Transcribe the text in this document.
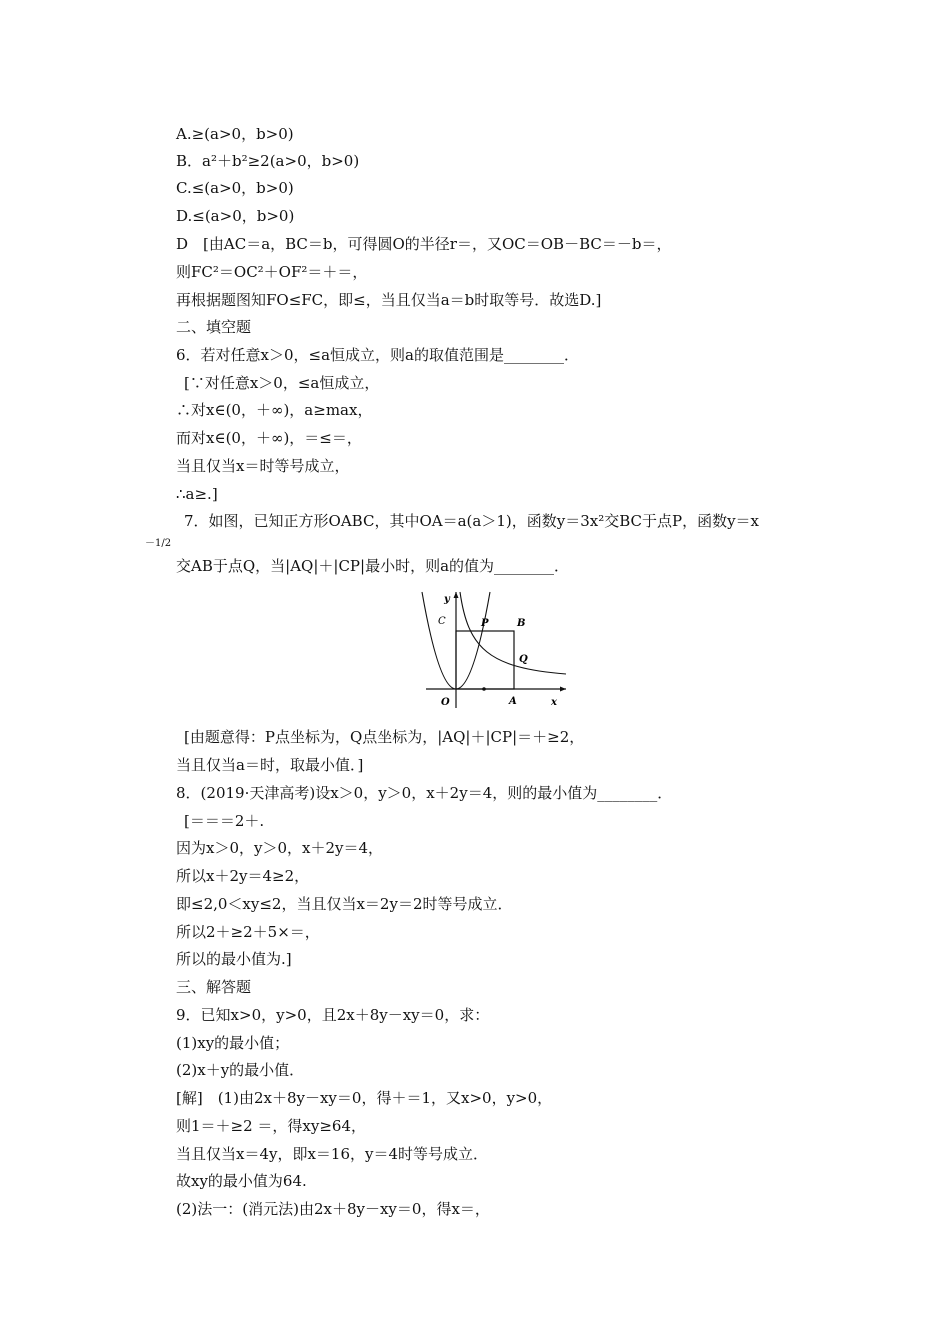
A.≥(a>0，b>0)
B．a²＋b²≥2(a>0，b>0)
C.≤(a>0，b>0)
D.≤(a>0，b>0)
D　[由AC＝a，BC＝b，可得圆O的半径r＝，又OC＝OB－BC＝－b＝，
则FC²＝OC²＋OF²＝＋＝，
再根据题图知FO≤FC，即≤，当且仅当a＝b时取等号．故选D.]
二、填空题
6．若对任意x＞0，≤a恒成立，则a的取值范围是________．
[∵对任意x＞0，≤a恒成立，
∴对x∈(0，＋∞)，a≥max，
而对x∈(0，＋∞)，＝≤＝，
当且仅当x＝时等号成立，
∴a≥.]
7．如图，已知正方形OABC，其中OA＝a(a＞1)，函数y＝3x²交BC于点P，函数y＝x
－1/2
交AB于点Q，当|AQ|＋|CP|最小时，则a的值为________．
C	P	B
Q
A
O
y
x
[由题意得：P点坐标为，Q点坐标为，|AQ|＋|CP|＝＋≥2，
当且仅当a＝时，取最小值．]
8．(2019·天津高考)设x＞0，y＞0，x＋2y＝4，则的最小值为________．
[＝＝＝2＋.
因为x＞0，y＞0，x＋2y＝4，
所以x＋2y＝4≥2，
即≤2,0＜xy≤2，当且仅当x＝2y＝2时等号成立．
所以2＋≥2＋5×＝，
所以的最小值为.]
三、解答题
9．已知x>0，y>0，且2x＋8y－xy＝0，求：
(1)xy的最小值；
(2)x＋y的最小值．
[解]　(1)由2x＋8y－xy＝0，得＋＝1，又x>0，y>0，
则1＝＋≥2 ＝，得xy≥64，
当且仅当x＝4y，即x＝16，y＝4时等号成立．
故xy的最小值为64.
(2)法一：(消元法)由2x＋8y－xy＝0，得x＝，
